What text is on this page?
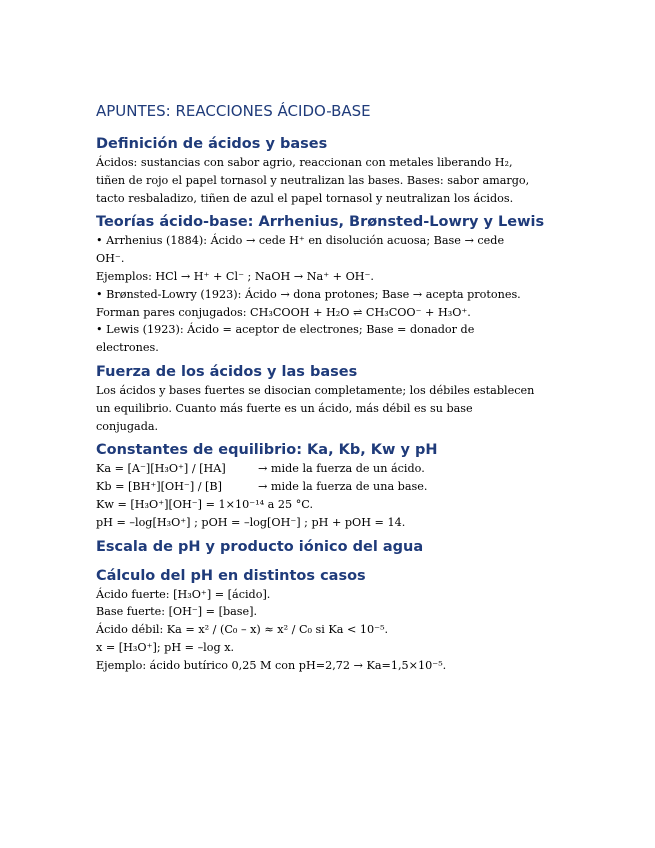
APUNTES: REACCIONES ÁCIDO-BASE
Definición de ácidos y bases

Ácidos: sustancias con sabor agrio, reaccionan con metales liberando H₂,

tiñen de rojo el papel tornasol y neutralizan las bases. Bases: sabor amargo,

tacto resbaladizo, tiñen de azul el papel tornasol y neutralizan los ácidos.

Teorías ácido-base: Arrhenius, Brønsted-Lowry y Lewis

• Arrhenius (1884): Ácido → cede H⁺ en disolución acuosa; Base → cede

OH⁻.

Ejemplos: HCl → H⁺ + Cl⁻ ; NaOH → Na⁺ + OH⁻.

• Brønsted-Lowry (1923): Ácido → dona protones; Base → acepta protones.

Forman pares conjugados: CH₃COOH + H₂O ⇌ CH₃COO⁻ + H₃O⁺.

• Lewis (1923): Ácido = aceptor de electrones; Base = donador de

electrones.

Fuerza de los ácidos y las bases

Los ácidos y bases fuertes se disocian completamente; los débiles establecen

un equilibrio. Cuanto más fuerte es un ácido, más débil es su base

conjugada.

Constantes de equilibrio: Ka, Kb, Kw y pH
Ka = [A⁻][H₃O⁺] / [HA]	→ mide la fuerza de un ácido.
Kb = [BH⁺][OH⁻] / [B]	→ mide la fuerza de una base.

Kw = [H₃O⁺][OH⁻] = 1×10⁻¹⁴ a 25 °C.

pH = –log[H₃O⁺] ; pOH = –log[OH⁻] ; pH + pOH = 14.

Escala de pH y producto iónico del agua
Cálculo del pH en distintos casos

Ácido fuerte: [H₃O⁺] = [ácido].

Base fuerte: [OH⁻] = [base].

Ácido débil: Ka = x² / (C₀ – x) ≈ x² / C₀ si Ka < 10⁻⁵.

x = [H₃O⁺]; pH = –log x.

Ejemplo: ácido butírico 0,25 M con pH=2,72 → Ka=1,5×10⁻⁵.
